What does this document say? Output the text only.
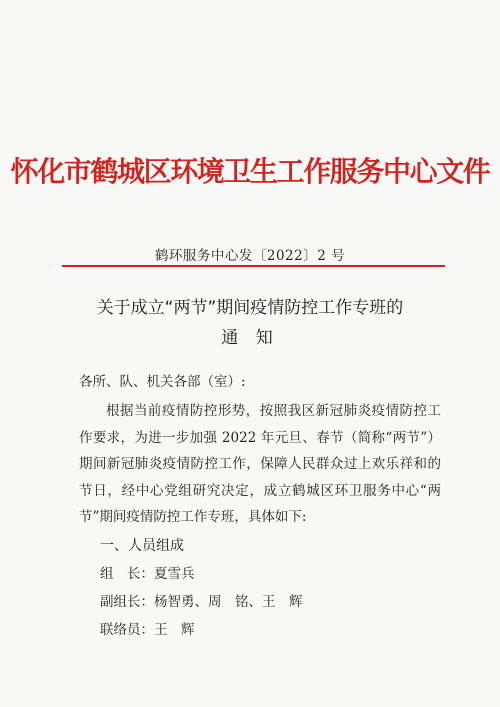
怀化市鹤城区环境卫生工作服务中心文件
鹤环服务中心发〔2022〕2 号
关于成立“两节”期间疫情防控工作专班的
通 知
各所、队、机关各部（室）:
根据当前疫情防控形势，按照我区新冠肺炎疫情防控工作要求，为进一步加强 2022 年元旦、春节（简称“两节”）期间新冠肺炎疫情防控工作，保障人民群众过上欢乐祥和的节日，经中心党组研究决定，成立鹤城区环卫服务中心“两节”期间疫情防控工作专班，具体如下:
一、人员组成
组　长：夏雪兵
副组长：杨智勇、周　铭、王　辉
联络员：王　辉
